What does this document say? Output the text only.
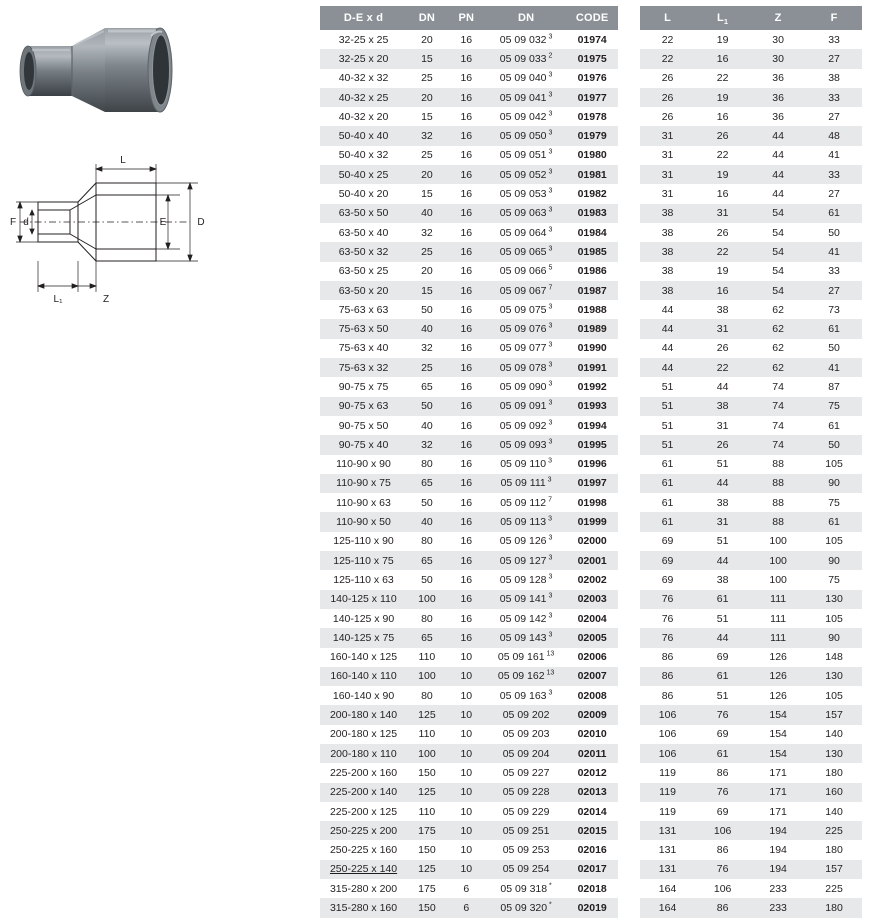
L
F d	E	D
L₁	Z
D-E x d	DN	PN	DN	CODE
32-25 x 25	20	16	05 09 032 $^3$	01974
32-25 x 20	15	16	05 09 033 $^2$	01975
40-32 x 32	25	16	05 09 040 $^3$	01976
40-32 x 25	20	16	05 09 041 $^3$	01977
40-32 x 20	15	16	05 09 042 $^3$	01978
50-40 x 40	32	16	05 09 050 $^3$	01979
50-40 x 32	25	16	05 09 051 $^3$	01980
50-40 x 25	20	16	05 09 052 $^3$	01981
50-40 x 20	15	16	05 09 053 $^3$	01982
63-50 x 50	40	16	05 09 063 $^3$	01983
63-50 x 40	32	16	05 09 064 $^3$	01984
63-50 x 32	25	16	05 09 065 $^3$	01985
63-50 x 25	20	16	05 09 066 $^5$	01986
63-50 x 20	15	16	05 09 067 $^7$	01987
75-63 x 63	50	16	05 09 075 $^3$	01988
75-63 x 50	40	16	05 09 076 $^3$	01989
75-63 x 40	32	16	05 09 077 $^3$	01990
75-63 x 32	25	16	05 09 078 $^3$	01991
90-75 x 75	65	16	05 09 090 $^3$	01992
90-75 x 63	50	16	05 09 091 $^3$	01993
90-75 x 50	40	16	05 09 092 $^3$	01994
90-75 x 40	32	16	05 09 093 $^3$	01995
110-90 x 90	80	16	05 09 110 $^3$	01996
110-90 x 75	65	16	05 09 111 $^3$	01997
110-90 x 63	50	16	05 09 112 $^7$	01998
110-90 x 50	40	16	05 09 113 $^3$	01999
125-110 x 90	80	16	05 09 126 $^3$	02000
125-110 x 75	65	16	05 09 127 $^3$	02001
125-110 x 63	50	16	05 09 128 $^3$	02002
140-125 x 110	100	16	05 09 141 $^3$	02003
140-125 x 90	80	16	05 09 142 $^3$	02004
140-125 x 75	65	16	05 09 143 $^3$	02005
160-140 x 125	110	10	05 09 161 $^{13}$	02006
160-140 x 110	100	10	05 09 162 $^{13}$	02007
160-140 x 90	80	10	05 09 163 $^3$	02008
200-180 x 140	125	10	05 09 202	02009
200-180 x 125	110	10	05 09 203	02010
200-180 x 110	100	10	05 09 204	02011
225-200 x 160	150	10	05 09 227	02012
225-200 x 140	125	10	05 09 228	02013
225-200 x 125	110	10	05 09 229	02014
250-225 x 200	175	10	05 09 251	02015
250-225 x 160	150	10	05 09 253	02016
250-225 x 140	125	10	05 09 254	02017
315-280 x 200	175	6	05 09 318 *	02018
315-280 x 160	150	6	05 09 320 *	02019
L	$L_1$	Z	F
22	19	30	33
22	16	30	27
26	22	36	38
26	19	36	33
26	16	36	27
31	26	44	48
31	22	44	41
31	19	44	33
31	16	44	27
38	31	54	61
38	26	54	50
38	22	54	41
38	19	54	33
38	16	54	27
44	38	62	73
44	31	62	61
44	26	62	50
44	22	62	41
51	44	74	87
51	38	74	75
51	31	74	61
51	26	74	50
61	51	88	105
61	44	88	90
61	38	88	75
61	31	88	61
69	51	100	105
69	44	100	90
69	38	100	75
76	61	111	130
76	51	111	105
76	44	111	90
86	69	126	148
86	61	126	130
86	51	126	105
106	76	154	157
106	69	154	140
106	61	154	130
119	86	171	180
119	76	171	160
119	69	171	140
131	106	194	225
131	86	194	180
131	76	194	157
164	106	233	225
164	86	233	180
